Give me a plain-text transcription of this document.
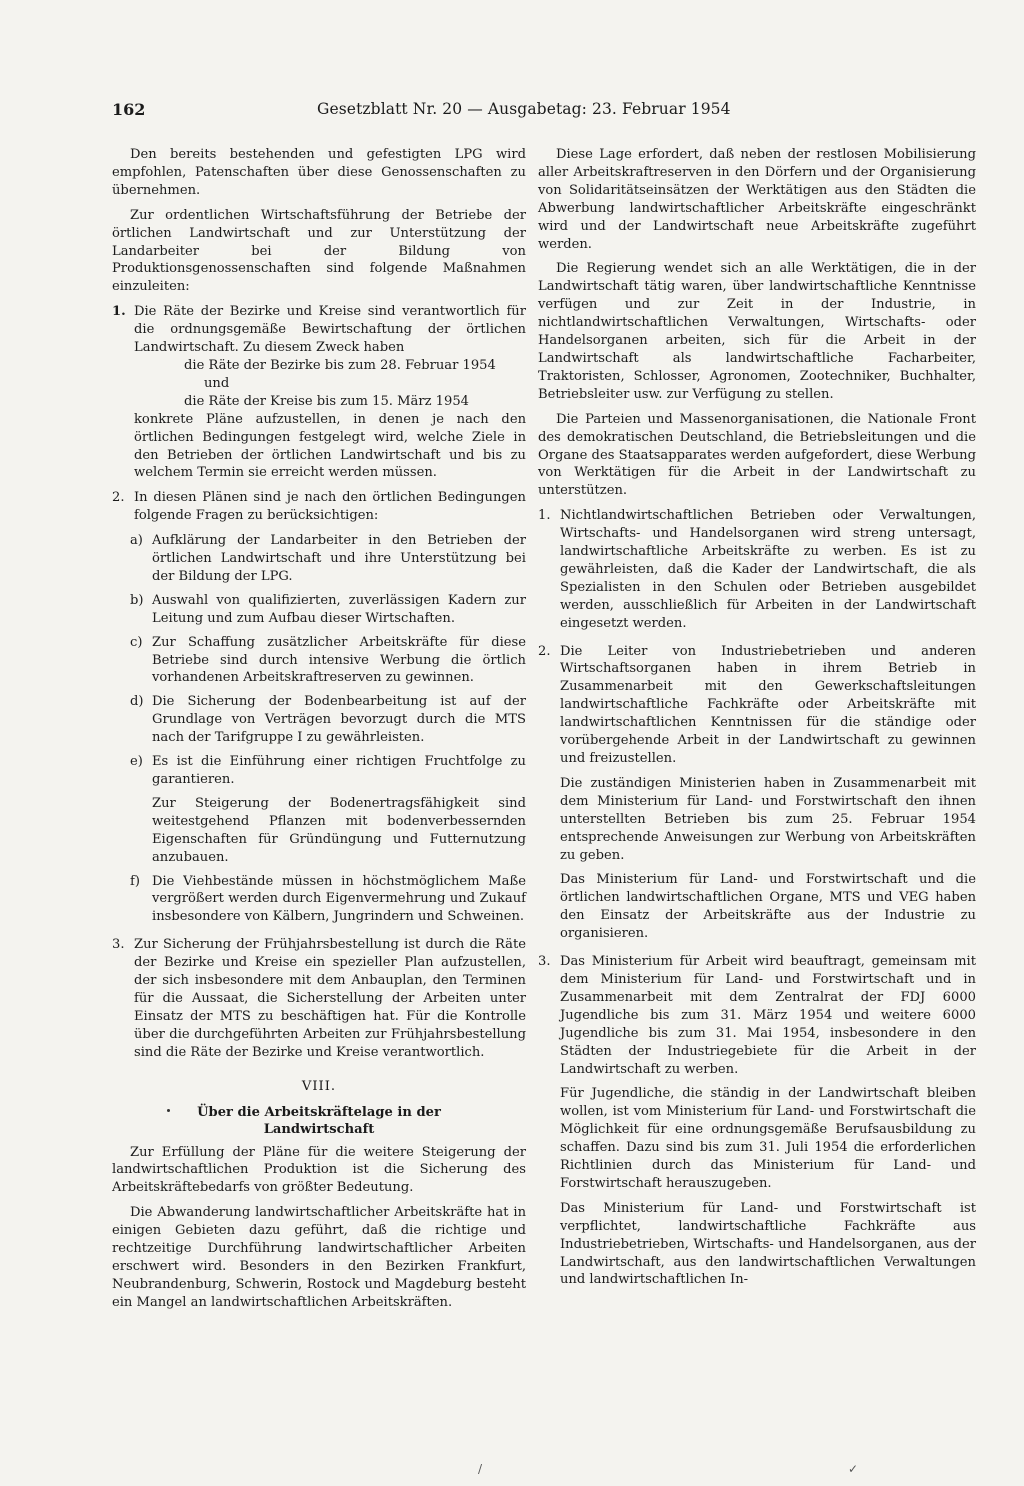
162	Gesetzblatt Nr. 20 — Ausgabetag: 23. Februar 1954

Den bereits bestehenden und gefestigten LPG wird empfohlen, Patenschaften über diese Genossenschaften zu übernehmen.

Zur ordentlichen Wirtschaftsführung der Betriebe der örtlichen Landwirtschaft und zur Unterstützung der Landarbeiter bei der Bildung von Produktionsgenossenschaften sind folgende Maßnahmen einzuleiten:

1. Die Räte der Bezirke und Kreise sind verantwortlich für die ordnungsgemäße Bewirtschaftung der örtlichen Landwirtschaft. Zu diesem Zweck haben

die Räte der Bezirke bis zum 28. Februar 1954

und

die Räte der Kreise bis zum 15. März 1954

konkrete Pläne aufzustellen, in denen je nach den örtlichen Bedingungen festgelegt wird, welche Ziele in den Betrieben der örtlichen Landwirtschaft und bis zu welchem Termin sie erreicht werden müssen.
2. In diesen Plänen sind je nach den örtlichen Bedingungen folgende Fragen zu berücksichtigen:
a) Aufklärung der Landarbeiter in den Betrieben der örtlichen Landwirtschaft und ihre Unterstützung bei der Bildung der LPG.
b) Auswahl von qualifizierten, zuverlässigen Kadern zur Leitung und zum Aufbau dieser Wirtschaften.
c) Zur Schaffung zusätzlicher Arbeitskräfte für diese Betriebe sind durch intensive Werbung die örtlich vorhandenen Arbeitskraftreserven zu gewinnen.
d) Die Sicherung der Bodenbearbeitung ist auf der Grundlage von Verträgen bevorzugt durch die MTS nach der Tarifgruppe I zu gewährleisten.
e) Es ist die Einführung einer richtigen Fruchtfolge zu garantieren.
Zur Steigerung der Bodenertragsfähigkeit sind weitestgehend Pflanzen mit bodenverbessernden Eigenschaften für Gründüngung und Futternutzung anzubauen.
f) Die Viehbestände müssen in höchstmöglichem Maße vergrößert werden durch Eigenvermehrung und Zukauf insbesondere von Kälbern, Jungrindern und Schweinen.
3. Zur Sicherung der Frühjahrsbestellung ist durch die Räte der Bezirke und Kreise ein spezieller Plan aufzustellen, der sich insbesondere mit dem Anbauplan, den Terminen für die Aussaat, die Sicherstellung der Arbeiten unter Einsatz der MTS zu beschäftigen hat. Für die Kontrolle über die durchgeführten Arbeiten zur Frühjahrsbestellung sind die Räte der Bezirke und Kreise verantwortlich.
VIII.
Über die Arbeitskräftelage in der
Landwirtschaft

Zur Erfüllung der Pläne für die weitere Steigerung der landwirtschaftlichen Produktion ist die Sicherung des Arbeitskräftebedarfs von größter Bedeutung.

Die Abwanderung landwirtschaftlicher Arbeitskräfte hat in einigen Gebieten dazu geführt, daß die richtige und rechtzeitige Durchführung landwirtschaftlicher Arbeiten erschwert wird. Besonders in den Bezirken Frankfurt, Neubrandenburg, Schwerin, Rostock und Magdeburg besteht ein Mangel an landwirtschaftlichen Arbeitskräften.

Diese Lage erfordert, daß neben der restlosen Mobilisierung aller Arbeitskraftreserven in den Dörfern und der Organisierung von Solidaritätseinsätzen der Werktätigen aus den Städten die Abwerbung landwirtschaftlicher Arbeitskräfte eingeschränkt wird und der Landwirtschaft neue Arbeitskräfte zugeführt werden.

Die Regierung wendet sich an alle Werktätigen, die in der Landwirtschaft tätig waren, über landwirtschaftliche Kenntnisse verfügen und zur Zeit in der Industrie, in nichtlandwirtschaftlichen Verwaltungen, Wirtschafts- oder Handelsorganen arbeiten, sich für die Arbeit in der Landwirtschaft als landwirtschaftliche Facharbeiter, Traktoristen, Schlosser, Agronomen, Zootechniker, Buchhalter, Betriebsleiter usw. zur Verfügung zu stellen.

Die Parteien und Massenorganisationen, die Nationale Front des demokratischen Deutschland, die Betriebsleitungen und die Organe des Staatsapparates werden aufgefordert, diese Werbung von Werktätigen für die Arbeit in der Landwirtschaft zu unterstützen.

1. Nichtlandwirtschaftlichen Betrieben oder Verwaltungen, Wirtschafts- und Handelsorganen wird streng untersagt, landwirtschaftliche Arbeitskräfte zu werben. Es ist zu gewährleisten, daß die Kader der Landwirtschaft, die als Spezialisten in den Schulen oder Betrieben ausgebildet werden, ausschließlich für Arbeiten in der Landwirtschaft eingesetzt werden.
2. Die Leiter von Industriebetrieben und anderen Wirtschaftsorganen haben in ihrem Betrieb in Zusammenarbeit mit den Gewerkschaftsleitungen landwirtschaftliche Fachkräfte oder Arbeitskräfte mit landwirtschaftlichen Kenntnissen für die ständige oder vorübergehende Arbeit in der Landwirtschaft zu gewinnen und freizustellen.
Die zuständigen Ministerien haben in Zusammenarbeit mit dem Ministerium für Land- und Forstwirtschaft den ihnen unterstellten Betrieben bis zum 25. Februar 1954 entsprechende Anweisungen zur Werbung von Arbeitskräften zu geben.
Das Ministerium für Land- und Forstwirtschaft und die örtlichen landwirtschaftlichen Organe, MTS und VEG haben den Einsatz der Arbeitskräfte aus der Industrie zu organisieren.
3. Das Ministerium für Arbeit wird beauftragt, gemeinsam mit dem Ministerium für Land- und Forstwirtschaft und in Zusammenarbeit mit dem Zentralrat der FDJ 6000 Jugendliche bis zum 31. März 1954 und weitere 6000 Jugendliche bis zum 31. Mai 1954, insbesondere in den Städten der Industriegebiete für die Arbeit in der Landwirtschaft zu werben.
Für Jugendliche, die ständig in der Landwirtschaft bleiben wollen, ist vom Ministerium für Land- und Forstwirtschaft die Möglichkeit für eine ordnungsgemäße Berufsausbildung zu schaffen. Dazu sind bis zum 31. Juli 1954 die erforderlichen Richtlinien durch das Ministerium für Land- und Forstwirtschaft herauszugeben.
Das Ministerium für Land- und Forstwirtschaft ist verpflichtet, landwirtschaftliche Fachkräfte aus Industriebetrieben, Wirtschafts- und Handelsorganen, aus der Landwirtschaft, aus den landwirtschaftlichen Verwaltungen und landwirtschaftlichen In-
/	✓
